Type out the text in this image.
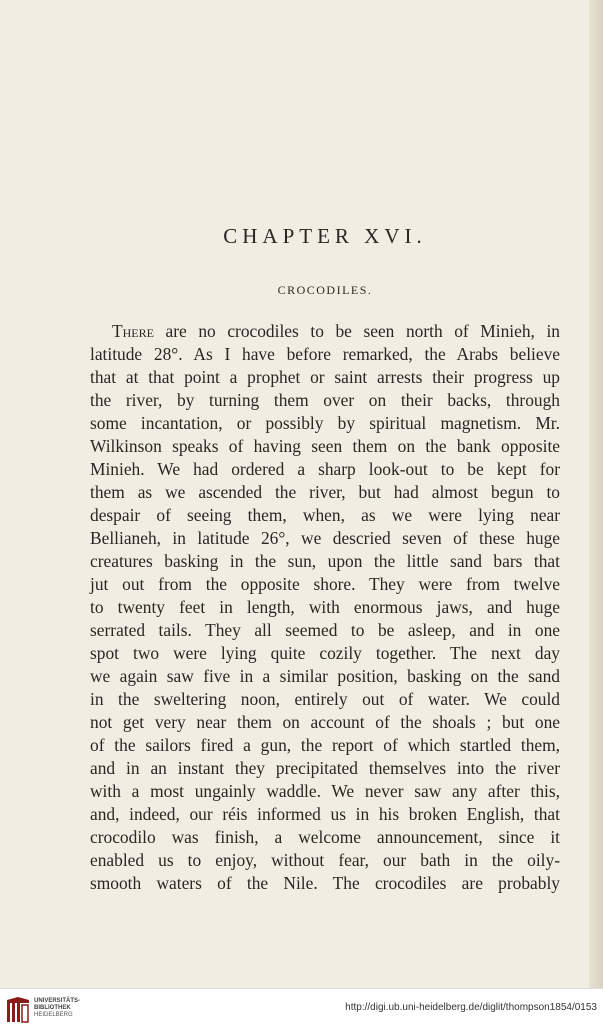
CHAPTER XVI.
CROCODILES.
There are no crocodiles to be seen north of Minieh, in
latitude 28°. As I have before remarked, the Arabs believe
that at that point a prophet or saint arrests their progress up
the river, by turning them over on their backs, through
some incantation, or possibly by spiritual magnetism. Mr.
Wilkinson speaks of having seen them on the bank opposite
Minieh. We had ordered a sharp look-out to be kept for
them as we ascended the river, but had almost begun to
despair of seeing them, when, as we were lying near
Bellianeh, in latitude 26°, we descried seven of these huge
creatures basking in the sun, upon the little sand bars that
jut out from the opposite shore. They were from twelve
to twenty feet in length, with enormous jaws, and huge
serrated tails. They all seemed to be asleep, and in one
spot two were lying quite cozily together. The next day
we again saw five in a similar position, basking on the sand
in the sweltering noon, entirely out of water. We could
not get very near them on account of the shoals ; but one
of the sailors fired a gun, the report of which startled them,
and in an instant they precipitated themselves into the river
with a most ungainly waddle. We never saw any after this,
and, indeed, our réis informed us in his broken English, that
crocodilo was finish, a welcome announcement, since it
enabled us to enjoy, without fear, our bath in the oily-
smooth waters of the Nile. The crocodiles are probably
UNIVERSITÄTS-
BIBLIOTHEK
HEIDELBERG
http://digi.ub.uni-heidelberg.de/diglit/thompson1854/0153
